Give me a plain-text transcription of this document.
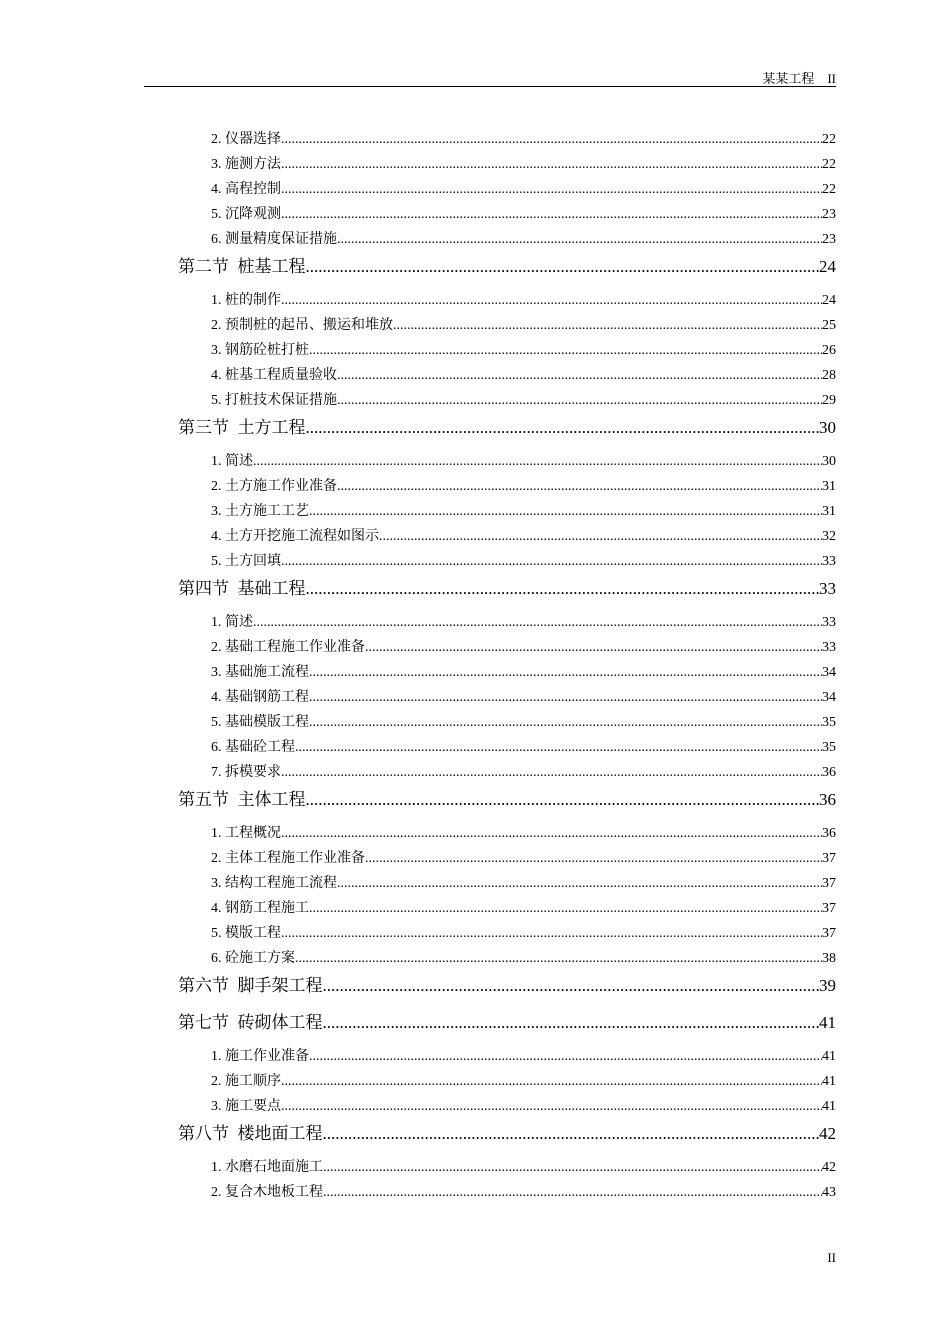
某某工程    II
2. 仪器选择 .....	22
3. 施测方法 .....	22
4. 高程控制 .....	22
5. 沉降观测 .....	23
6. 测量精度保证措施 .....	23
第二节  桩基工程 .....	24
1. 桩的制作 .....	24
2. 预制桩的起吊、搬运和堆放 .....	25
3. 钢筋砼桩打桩 .....	26
4. 桩基工程质量验收 .....	28
5. 打桩技术保证措施 .....	29
第三节  土方工程 .....	30
1. 简述 .....	30
2. 土方施工作业准备 .....	31
3. 土方施工工艺 .....	31
4. 土方开挖施工流程如图示 .....	32
5. 土方回填 .....	33
第四节  基础工程 .....	33
1. 简述 .....	33
2. 基础工程施工作业准备 .....	33
3. 基础施工流程 .....	34
4. 基础钢筋工程 .....	34
5. 基础模版工程 .....	35
6. 基础砼工程 .....	35
7. 拆模要求 .....	36
第五节  主体工程 .....	36
1. 工程概况 .....	36
2. 主体工程施工作业准备 .....	37
3. 结构工程施工流程 .....	37
4. 钢筋工程施工 .....	37
5. 模版工程 .....	37
6. 砼施工方案 .....	38
第六节  脚手架工程 .....	39
第七节  砖砌体工程 .....	41
1. 施工作业准备 .....	41
2. 施工顺序 .....	41
3. 施工要点 .....	41
第八节  楼地面工程 .....	42
1. 水磨石地面施工 .....	42
2. 复合木地板工程 .....	43
II
